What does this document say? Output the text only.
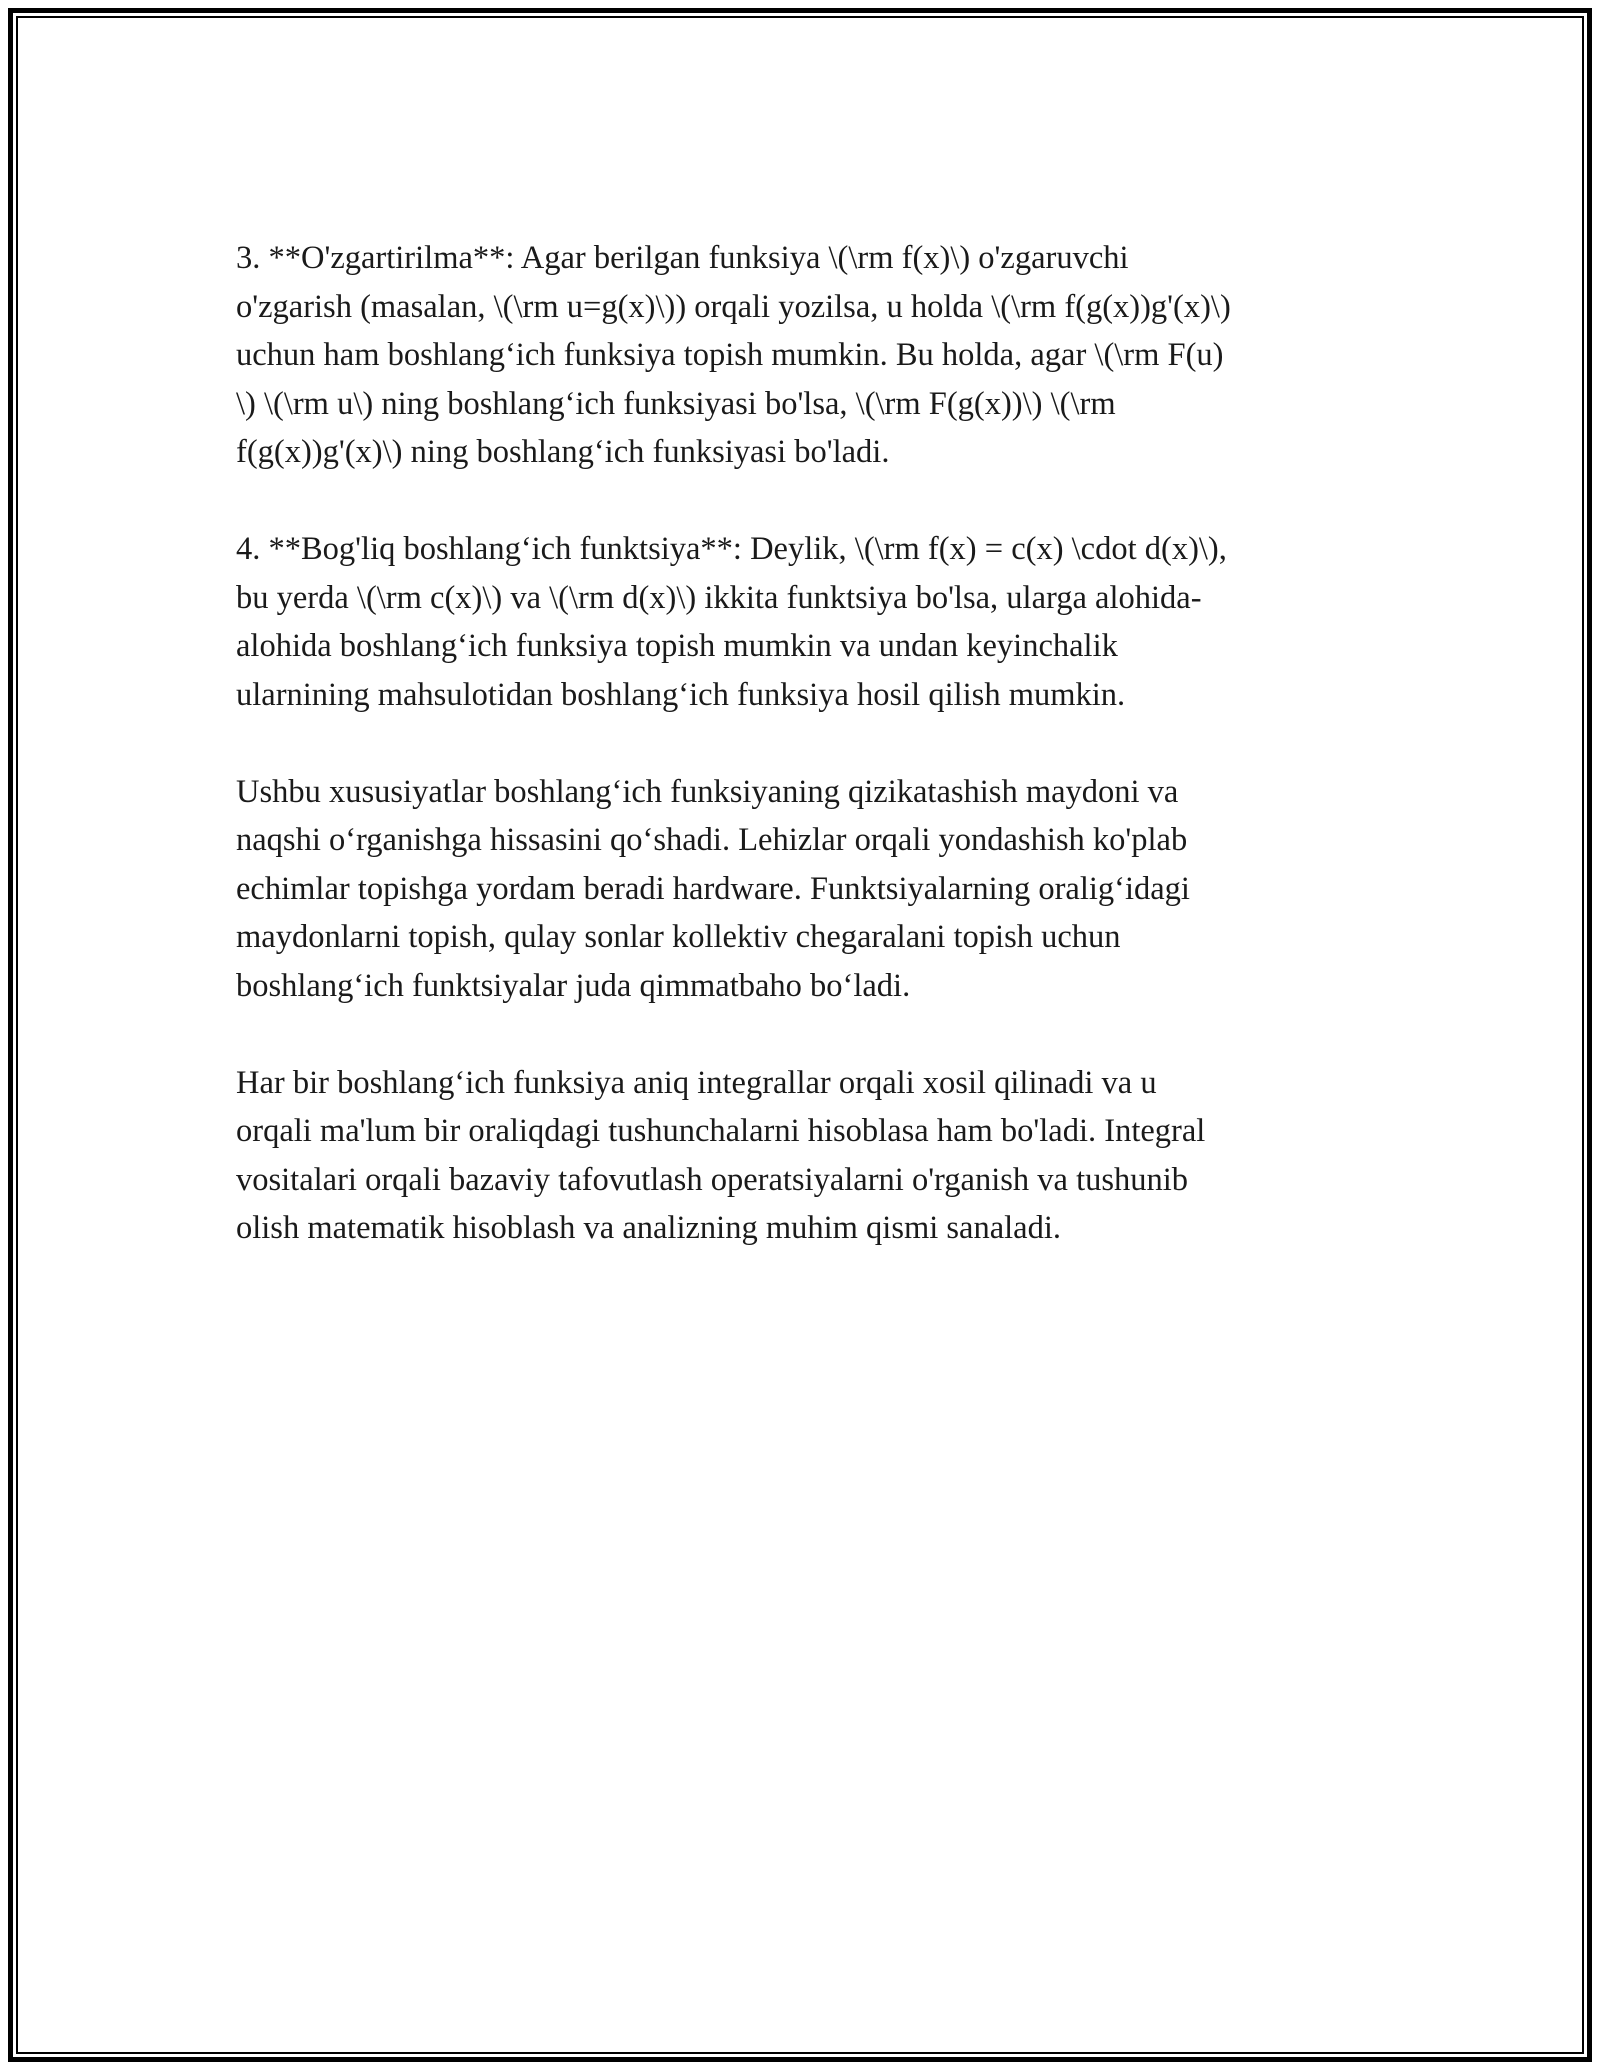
3. **O'zgartirilma**: Agar berilgan funksiya \(\rm f(x)\) o'zgaruvchi
o'zgarish (masalan, \(\rm u=g(x)\)) orqali yozilsa, u holda \(\rm f(g(x))g'(x)\)
uchun ham boshlang‘ich funksiya topish mumkin. Bu holda, agar \(\rm F(u)
\) \(\rm u\) ning boshlang‘ich funksiyasi bo'lsa, \(\rm F(g(x))\) \(\rm
f(g(x))g'(x)\) ning boshlang‘ich funksiyasi bo'ladi.

4. **Bog'liq boshlang‘ich funktsiya**: Deylik, \(\rm f(x) = c(x) \cdot d(x)\),
bu yerda \(\rm c(x)\) va \(\rm d(x)\) ikkita funktsiya bo'lsa, ularga alohida-
alohida boshlang‘ich funksiya topish mumkin va undan keyinchalik
ularnining mahsulotidan boshlang‘ich funksiya hosil qilish mumkin.

Ushbu xususiyatlar boshlang‘ich funksiyaning qizikatashish maydoni va
naqshi o‘rganishga hissasini qo‘shadi. Lehizlar orqali yondashish ko'plab
echimlar topishga yordam beradi hardware. Funktsiyalarning oralig‘idagi
maydonlarni topish, qulay sonlar kollektiv chegaralani topish uchun
boshlang‘ich funktsiyalar juda qimmatbaho bo‘ladi.

Har bir boshlang‘ich funksiya aniq integrallar orqali xosil qilinadi va u
orqali ma'lum bir oraliqdagi tushunchalarni hisoblasa ham bo'ladi. Integral
vositalari orqali bazaviy tafovutlash operatsiyalarni o'rganish va tushunib
olish matematik hisoblash va analizning muhim qismi sanaladi.
